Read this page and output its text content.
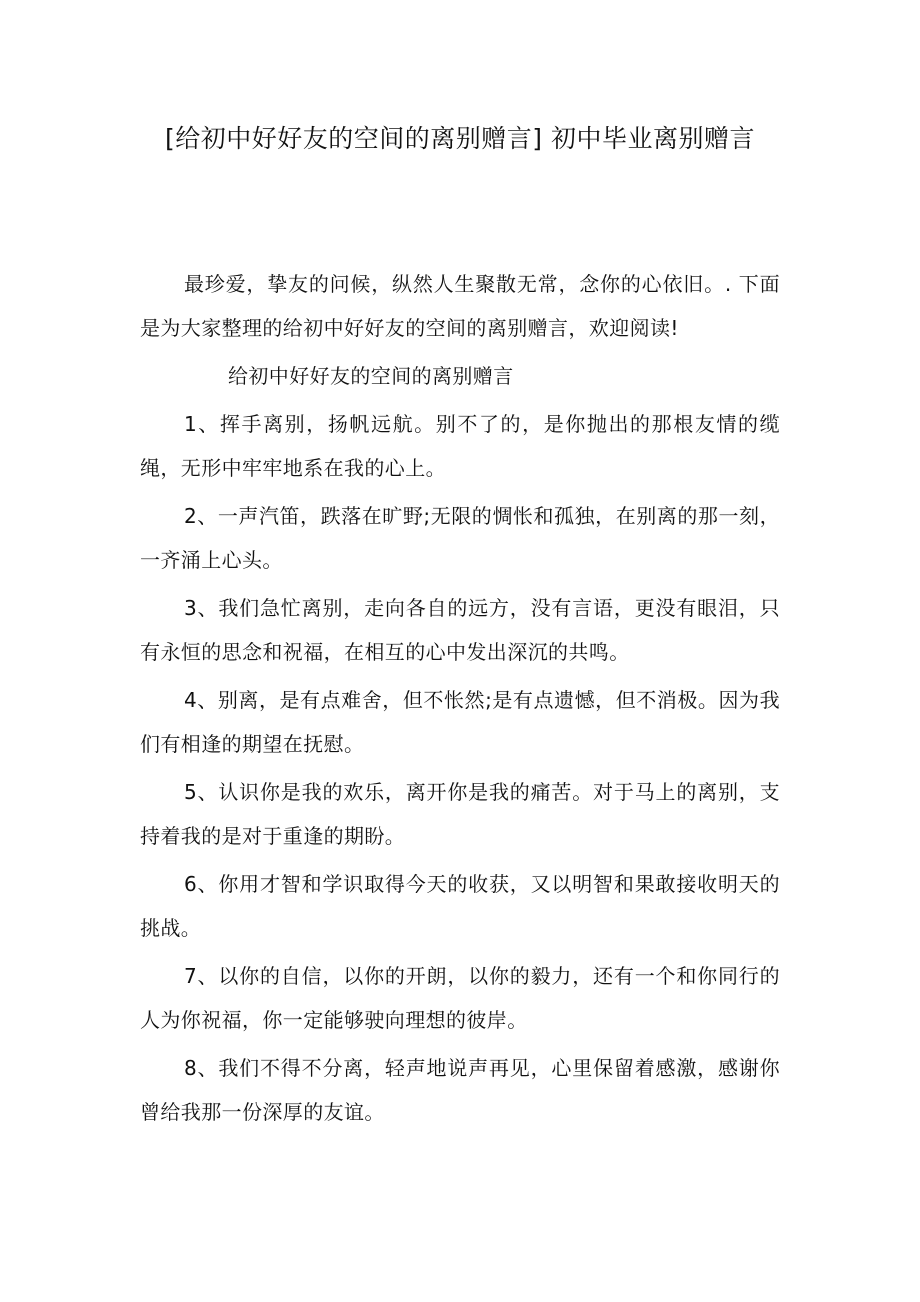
[给初中好好友的空间的离别赠言] 初中毕业离别赠言

最珍爱，挚友的问候，纵然人生聚散无常，念你的心依旧。. 下面是为大家整理的给初中好好友的空间的离别赠言，欢迎阅读!

给初中好好友的空间的离别赠言

1、挥手离别，扬帆远航。别不了的，是你抛出的那根友情的缆绳，无形中牢牢地系在我的心上。

2、一声汽笛，跌落在旷野;无限的惆怅和孤独，在别离的那一刻，一齐涌上心头。

3、我们急忙离别，走向各自的远方，没有言语，更没有眼泪，只有永恒的思念和祝福，在相互的心中发出深沉的共鸣。

4、别离，是有点难舍，但不怅然;是有点遗憾，但不消极。因为我们有相逢的期望在抚慰。

5、认识你是我的欢乐，离开你是我的痛苦。对于马上的离别，支持着我的是对于重逢的期盼。

6、你用才智和学识取得今天的收获，又以明智和果敢接收明天的挑战。

7、以你的自信，以你的开朗，以你的毅力，还有一个和你同行的人为你祝福，你一定能够驶向理想的彼岸。

8、我们不得不分离，轻声地说声再见，心里保留着感激，感谢你曾给我那一份深厚的友谊。
